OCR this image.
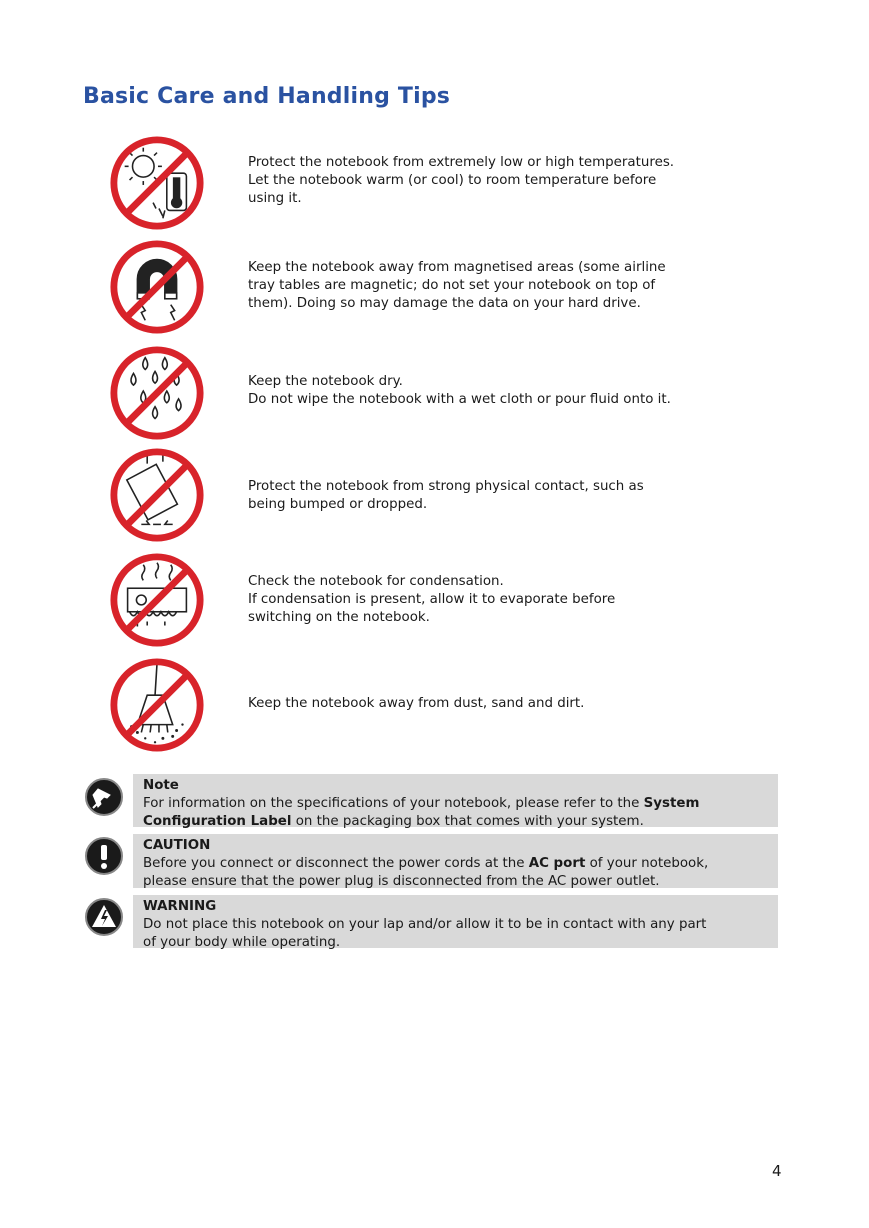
Basic Care and Handling Tips
Protect the notebook from extremely low or high temperatures.
Let the notebook warm (or cool) to room temperature before
using it.
Keep the notebook away from magnetised areas (some airline
tray tables are magnetic; do not set your notebook on top of
them). Doing so may damage the data on your hard drive.
Keep the notebook dry.
Do not wipe the notebook with a wet cloth or pour fluid onto it.
Protect the notebook from strong physical contact, such as
being bumped or dropped.
Check the notebook for condensation.
If condensation is present, allow it to evaporate before
switching on the notebook.
Keep the notebook away from dust, sand and dirt.
Note
For information on the specifications of your notebook, please refer to the System
Configuration Label on the packaging box that comes with your system.
CAUTION
Before you connect or disconnect the power cords at the AC port of your notebook,
please ensure that the power plug is disconnected from the AC power outlet.
WARNING
Do not place this notebook on your lap and/or allow it to be in contact with any part
of your body while operating.
4
